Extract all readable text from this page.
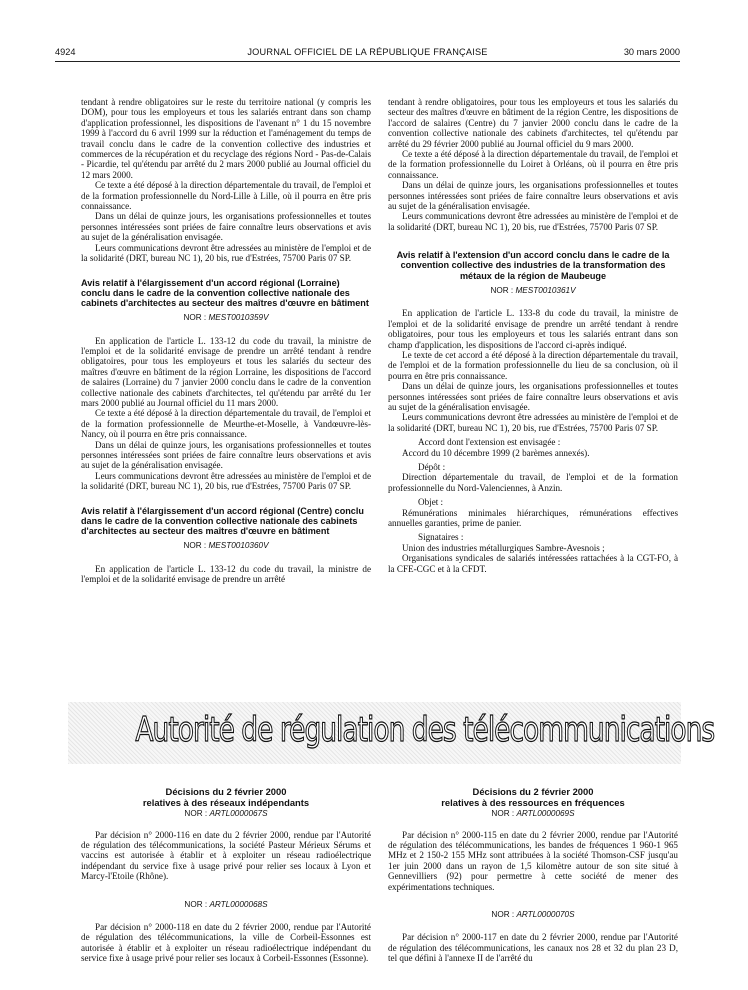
4924	JOURNAL OFFICIEL DE LA RÉPUBLIQUE FRANÇAISE	30 mars 2000

tendant à rendre obligatoires sur le reste du territoire national (y compris les DOM), pour tous les employeurs et tous les salariés entrant dans son champ d'application professionnel, les dispositions de l'avenant n° 1 du 15 novembre 1999 à l'accord du 6 avril 1999 sur la réduction et l'aménagement du temps de travail conclu dans le cadre de la convention collective des industries et commerces de la récupération et du recyclage des régions Nord - Pas-de-Calais - Picardie, tel qu'étendu par arrêté du 2 mars 2000 publié au Journal officiel du 12 mars 2000.

Ce texte a été déposé à la direction départementale du travail, de l'emploi et de la formation professionnelle du Nord-Lille à Lille, où il pourra en être pris connaissance.

Dans un délai de quinze jours, les organisations professionnelles et toutes personnes intéressées sont priées de faire connaître leurs observations et avis au sujet de la généralisation envisagée.

Leurs communications devront être adressées au ministère de l'emploi et de la solidarité (DRT, bureau NC 1), 20 bis, rue d'Estrées, 75700 Paris 07 SP.

Avis relatif à l'élargissement d'un accord régional (Lorraine) conclu dans le cadre de la convention collective nationale des cabinets d'architectes au secteur des maîtres d'œuvre en bâtiment
NOR : MESТ0010359V

En application de l'article L. 133-12 du code du travail, la ministre de l'emploi et de la solidarité envisage de prendre un arrêté tendant à rendre obligatoires, pour tous les employeurs et tous les salariés du secteur des maîtres d'œuvre en bâtiment de la région Lorraine, les dispositions de l'accord de salaires (Lorraine) du 7 janvier 2000 conclu dans le cadre de la convention collective nationale des cabinets d'architectes, tel qu'étendu par arrêté du 1er mars 2000 publié au Journal officiel du 11 mars 2000.

Ce texte a été déposé à la direction départementale du travail, de l'emploi et de la formation professionnelle de Meurthe-et-Moselle, à Vandœuvre-lès-Nancy, où il pourra en être pris connaissance.

Dans un délai de quinze jours, les organisations professionnelles et toutes personnes intéressées sont priées de faire connaître leurs observations et avis au sujet de la généralisation envisagée.

Leurs communications devront être adressées au ministère de l'emploi et de la solidarité (DRT, bureau NC 1), 20 bis, rue d'Estrées, 75700 Paris 07 SP.

Avis relatif à l'élargissement d'un accord régional (Centre) conclu dans le cadre de la convention collective nationale des cabinets d'architectes au secteur des maîtres d'œuvre en bâtiment
NOR : MESТ0010360V

En application de l'article L. 133-12 du code du travail, la ministre de l'emploi et de la solidarité envisage de prendre un arrêté

tendant à rendre obligatoires, pour tous les employeurs et tous les salariés du secteur des maîtres d'œuvre en bâtiment de la région Centre, les dispositions de l'accord de salaires (Centre) du 7 janvier 2000 conclu dans le cadre de la convention collective nationale des cabinets d'architectes, tel qu'étendu par arrêté du 29 février 2000 publié au Journal officiel du 9 mars 2000.

Ce texte a été déposé à la direction départementale du travail, de l'emploi et de la formation professionnelle du Loiret à Orléans, où il pourra en être pris connaissance.

Dans un délai de quinze jours, les organisations professionnelles et toutes personnes intéressées sont priées de faire connaître leurs observations et avis au sujet de la généralisation envisagée.

Leurs communications devront être adressées au ministère de l'emploi et de la solidarité (DRT, bureau NC 1), 20 bis, rue d'Estrées, 75700 Paris 07 SP.

Avis relatif à l'extension d'un accord conclu dans le cadre de la convention collective des industries de la transformation des métaux de la région de Maubeuge
NOR : MESТ0010361V

En application de l'article L. 133-8 du code du travail, la ministre de l'emploi et de la solidarité envisage de prendre un arrêté tendant à rendre obligatoires, pour tous les employeurs et tous les salariés entrant dans son champ d'application, les dispositions de l'accord ci-après indiqué.

Le texte de cet accord a été déposé à la direction départementale du travail, de l'emploi et de la formation professionnelle du lieu de sa conclusion, où il pourra en être pris connaissance.

Dans un délai de quinze jours, les organisations professionnelles et toutes personnes intéressées sont priées de faire connaître leurs observations et avis au sujet de la généralisation envisagée.

Leurs communications devront être adressées au ministère de l'emploi et de la solidarité (DRT, bureau NC 1), 20 bis, rue d'Estrées, 75700 Paris 07 SP.

Accord dont l'extension est envisagée :

Accord du 10 décembre 1999 (2 barèmes annexés).

Dépôt :

Direction départementale du travail, de l'emploi et de la formation professionnelle du Nord-Valenciennes, à Anzin.

Objet :

Rémunérations minimales hiérarchiques, rémunérations effectives annuelles garanties, prime de panier.

Signataires :

Union des industries métallurgiques Sambre-Avesnois ;

Organisations syndicales de salariés intéressées rattachées à la CGT-FO, à la CFE-CGC et à la CFDT.

Autorité de régulation des télécommunications
Décisions du 2 février 2000
relatives à des réseaux indépendants
NOR : ARTL0000067S

Par décision n° 2000-116 en date du 2 février 2000, rendue par l'Autorité de régulation des télécommunications, la société Pasteur Mérieux Sérums et vaccins est autorisée à établir et à exploiter un réseau radioélectrique indépendant du service fixe à usage privé pour relier ses locaux à Lyon et Marcy-l'Etoile (Rhône).

NOR : ARTL0000068S

Par décision n° 2000-118 en date du 2 février 2000, rendue par l'Autorité de régulation des télécommunications, la ville de Corbeil-Essonnes est autorisée à établir et à exploiter un réseau radioélectrique indépendant du service fixe à usage privé pour relier ses locaux à Corbeil-Essonnes (Essonne).

Décisions du 2 février 2000
relatives à des ressources en fréquences
NOR : ARTL0000069S

Par décision n° 2000-115 en date du 2 février 2000, rendue par l'Autorité de régulation des télécommunications, les bandes de fréquences 1 960-1 965 MHz et 2 150-2 155 MHz sont attribuées à la société Thomson-CSF jusqu'au 1er juin 2000 dans un rayon de 1,5 kilomètre autour de son site situé à Gennevilliers (92) pour permettre à cette société de mener des expérimentations techniques.

NOR : ARTL0000070S

Par décision n° 2000-117 en date du 2 février 2000, rendue par l'Autorité de régulation des télécommunications, les canaux nos 28 et 32 du plan 23 D, tel que défini à l'annexe II de l'arrêté du
